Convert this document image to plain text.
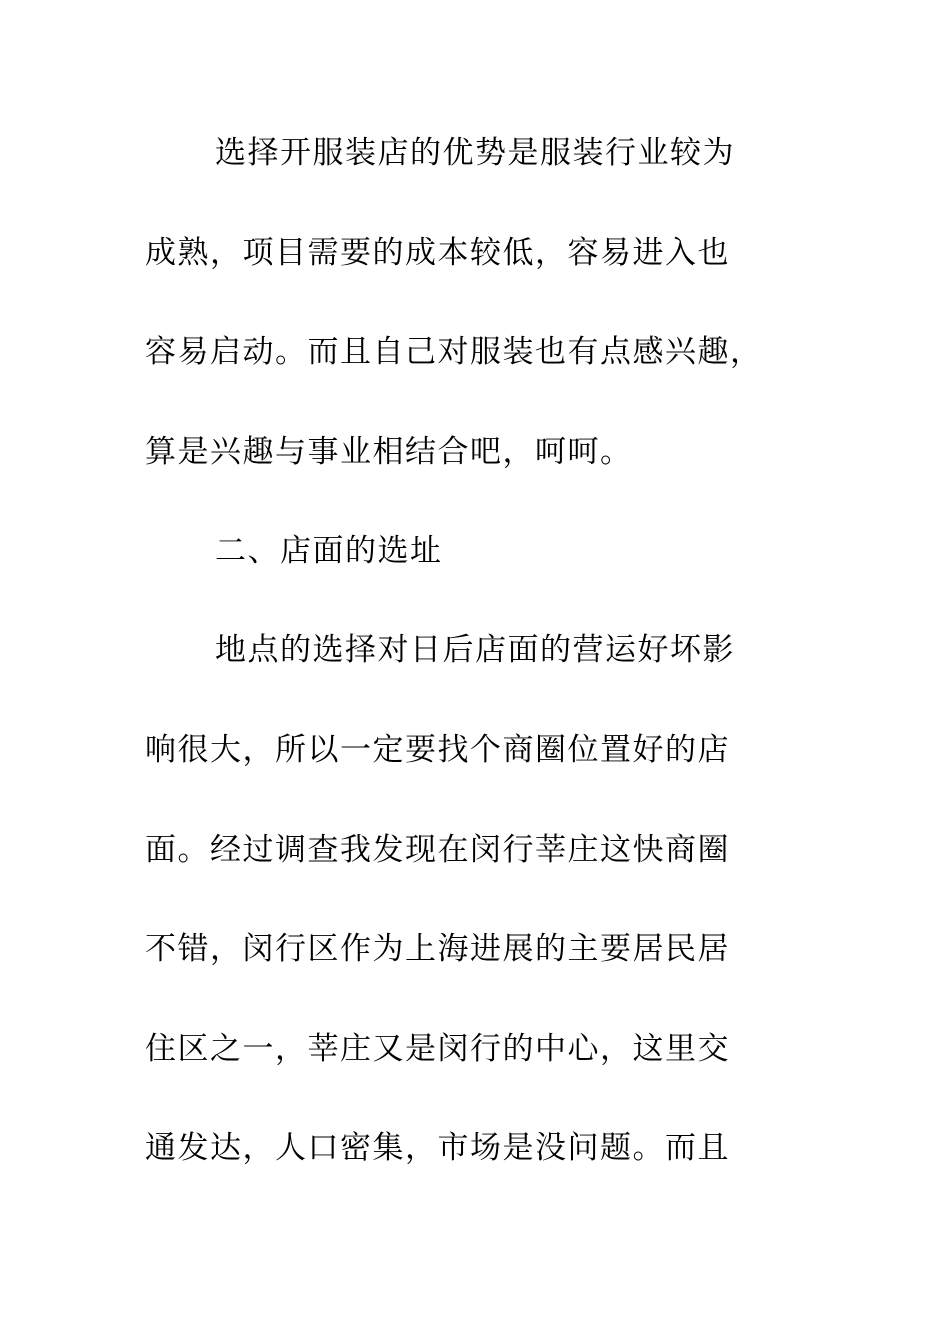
选择开服装店的优势是服装行业较为
成熟，项目需要的成本较低，容易进入也
容易启动。而且自己对服装也有点感兴趣，
算是兴趣与事业相结合吧，呵呵。
二、店面的选址
地点的选择对日后店面的营运好坏影
响很大，所以一定要找个商圈位置好的店
面。经过调查我发现在闵行莘庄这快商圈
不错，闵行区作为上海进展的主要居民居
住区之一，莘庄又是闵行的中心，这里交
通发达，人口密集，市场是没问题。而且
